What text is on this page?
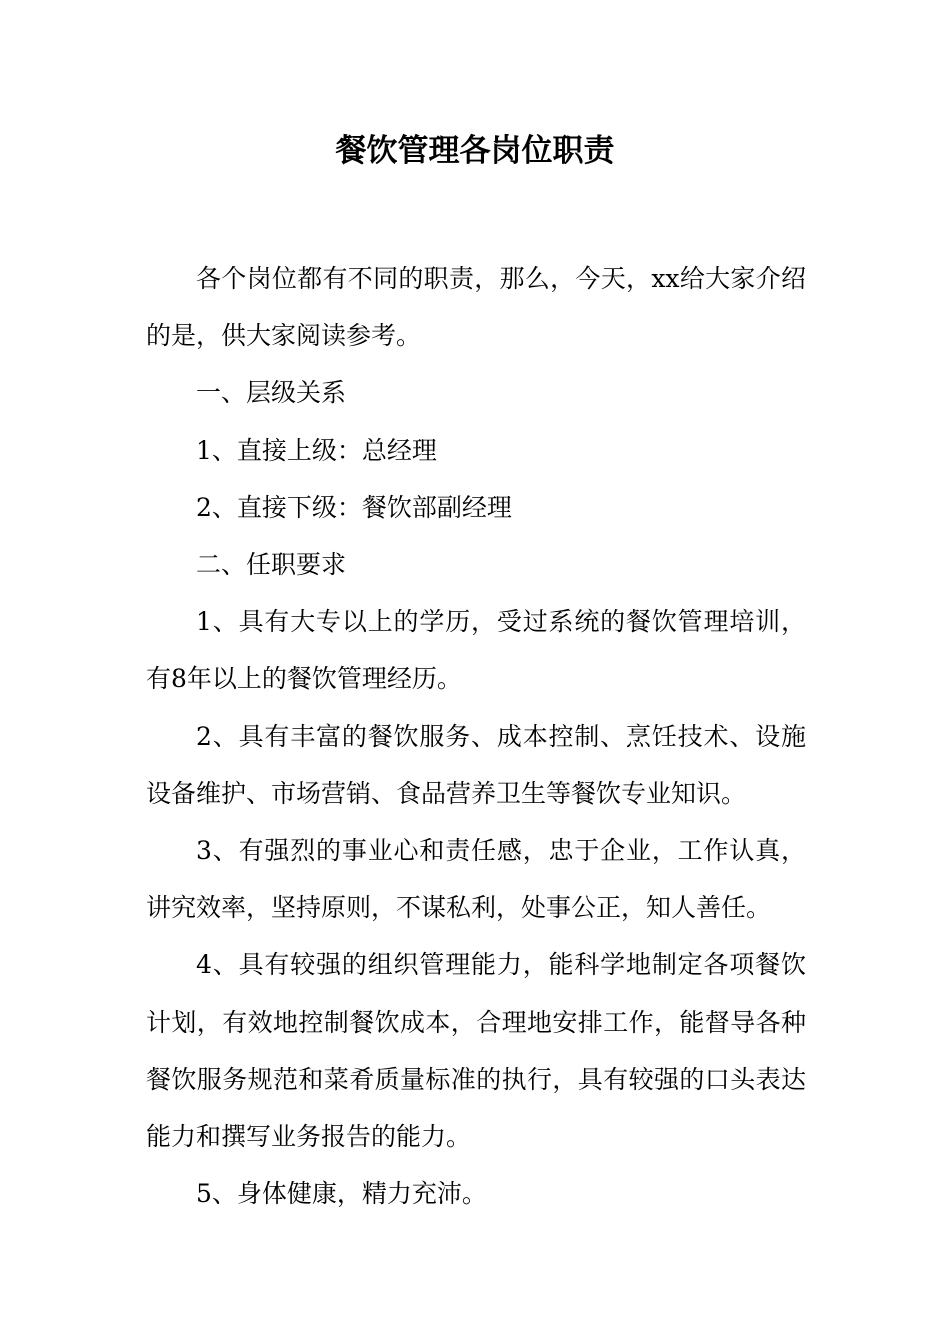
餐饮管理各岗位职责

各个岗位都有不同的职责，那么，今天，xx给大家介绍的是，供大家阅读参考。

一、层级关系

1、直接上级：总经理

2、直接下级：餐饮部副经理

二、任职要求

1、具有大专以上的学历，受过系统的餐饮管理培训，有8年以上的餐饮管理经历。

2、具有丰富的餐饮服务、成本控制、烹饪技术、设施设备维护、市场营销、食品营养卫生等餐饮专业知识。

3、有强烈的事业心和责任感，忠于企业，工作认真，讲究效率，坚持原则，不谋私利，处事公正，知人善任。

4、具有较强的组织管理能力，能科学地制定各项餐饮计划，有效地控制餐饮成本，合理地安排工作，能督导各种餐饮服务规范和菜肴质量标准的执行，具有较强的口头表达能力和撰写业务报告的能力。

5、身体健康，精力充沛。
